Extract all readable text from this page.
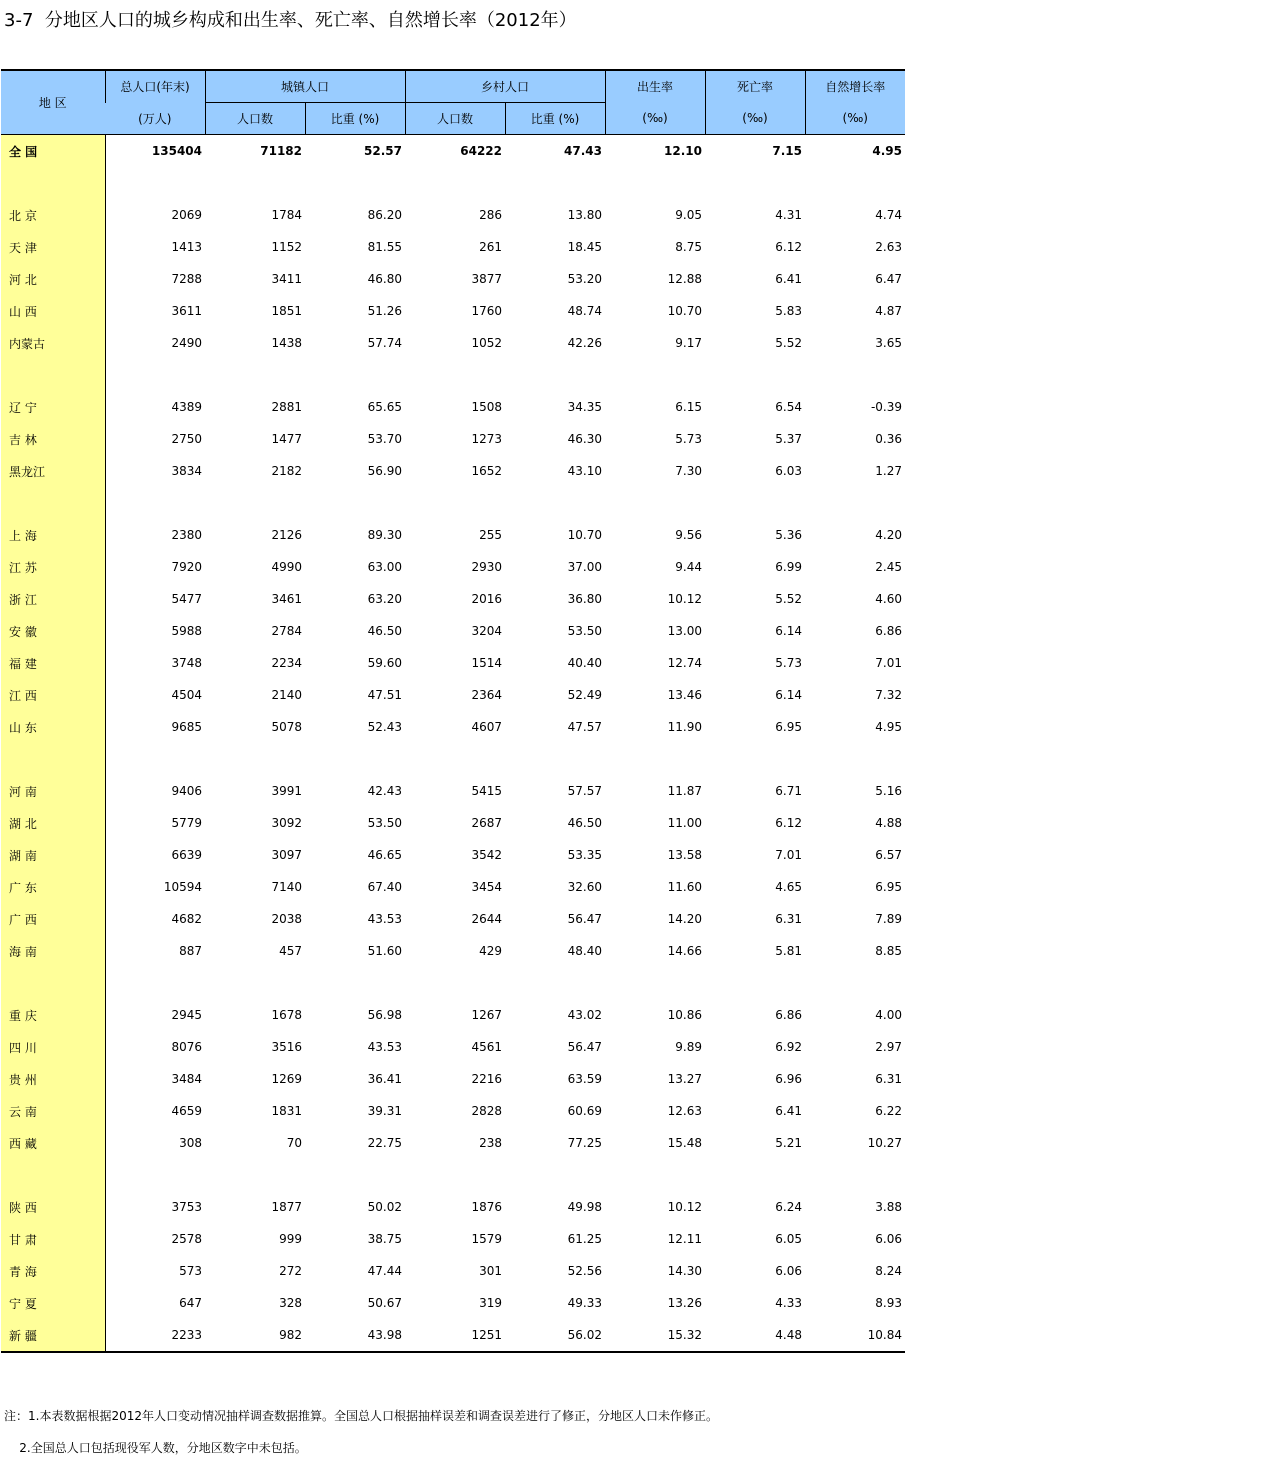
3-7  分地区人口的城乡构成和出生率、死亡率、自然增长率（2012年）
地 区	总人口(年末)	城镇人口		乡村人口		出生率	死亡率	自然增长率
	(万人)	人口数	比重 (%)	人口数	比重 (%)	(‰)	(‰)	(‰)
全 国	135404	71182	52.57	64222	47.43	12.10	7.15	4.95

北 京	2069	1784	86.20	286	13.80	9.05	4.31	4.74
天 津	1413	1152	81.55	261	18.45	8.75	6.12	2.63
河 北	7288	3411	46.80	3877	53.20	12.88	6.41	6.47
山 西	3611	1851	51.26	1760	48.74	10.70	5.83	4.87
内蒙古	2490	1438	57.74	1052	42.26	9.17	5.52	3.65

辽 宁	4389	2881	65.65	1508	34.35	6.15	6.54	-0.39
吉 林	2750	1477	53.70	1273	46.30	5.73	5.37	0.36
黑龙江	3834	2182	56.90	1652	43.10	7.30	6.03	1.27

上 海	2380	2126	89.30	255	10.70	9.56	5.36	4.20
江 苏	7920	4990	63.00	2930	37.00	9.44	6.99	2.45
浙 江	5477	3461	63.20	2016	36.80	10.12	5.52	4.60
安 徽	5988	2784	46.50	3204	53.50	13.00	6.14	6.86
福 建	3748	2234	59.60	1514	40.40	12.74	5.73	7.01
江 西	4504	2140	47.51	2364	52.49	13.46	6.14	7.32
山 东	9685	5078	52.43	4607	47.57	11.90	6.95	4.95

河 南	9406	3991	42.43	5415	57.57	11.87	6.71	5.16
湖 北	5779	3092	53.50	2687	46.50	11.00	6.12	4.88
湖 南	6639	3097	46.65	3542	53.35	13.58	7.01	6.57
广 东	10594	7140	67.40	3454	32.60	11.60	4.65	6.95
广 西	4682	2038	43.53	2644	56.47	14.20	6.31	7.89
海 南	887	457	51.60	429	48.40	14.66	5.81	8.85

重 庆	2945	1678	56.98	1267	43.02	10.86	6.86	4.00
四 川	8076	3516	43.53	4561	56.47	9.89	6.92	2.97
贵 州	3484	1269	36.41	2216	63.59	13.27	6.96	6.31
云 南	4659	1831	39.31	2828	60.69	12.63	6.41	6.22
西 藏	308	70	22.75	238	77.25	15.48	5.21	10.27

陕 西	3753	1877	50.02	1876	49.98	10.12	6.24	3.88
甘 肃	2578	999	38.75	1579	61.25	12.11	6.05	6.06
青 海	573	272	47.44	301	52.56	14.30	6.06	8.24
宁 夏	647	328	50.67	319	49.33	13.26	4.33	8.93
新 疆	2233	982	43.98	1251	56.02	15.32	4.48	10.84
注：1.本表数据根据2012年人口变动情况抽样调查数据推算。全国总人口根据抽样误差和调查误差进行了修正，分地区人口未作修正。
2.全国总人口包括现役军人数，分地区数字中未包括。
